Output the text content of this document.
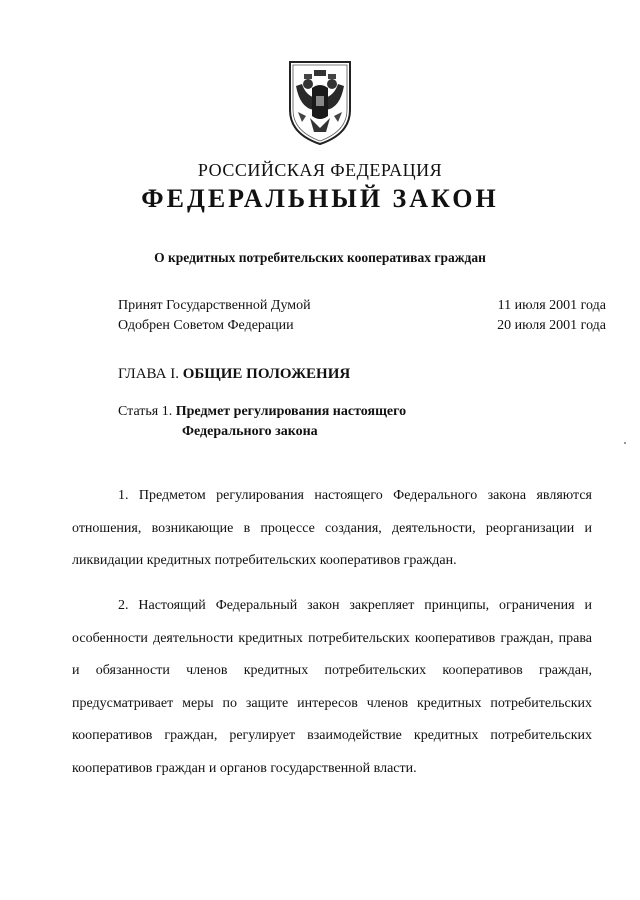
РОССИЙСКАЯ ФЕДЕРАЦИЯ
ФЕДЕРАЛЬНЫЙ ЗАКОН
О кредитных потребительских кооперативах граждан
Принят Государственной Думой	11 июля 2001 года
Одобрен Советом Федерации	20 июля 2001 года
ГЛАВА I. ОБЩИЕ ПОЛОЖЕНИЯ
Статья 1. Предмет регулирования настоящего
Федерального закона

1. Предметом регулирования настоящего Федерального закона являются отношения, возникающие в процессе создания, деятельности, реорганизации и ликвидации кредитных потребительских кооперативов граждан.

2. Настоящий Федеральный закон закрепляет принципы, ограничения и особенности деятельности кредитных потребительских кооперативов граждан, права и обязанности членов кредитных потребительских кооперативов граждан, предусматривает меры по защите интересов членов кредитных потребительских кооперативов граждан, регулирует взаимодействие кредитных потребительских кооперативов граждан и органов государственной власти.
